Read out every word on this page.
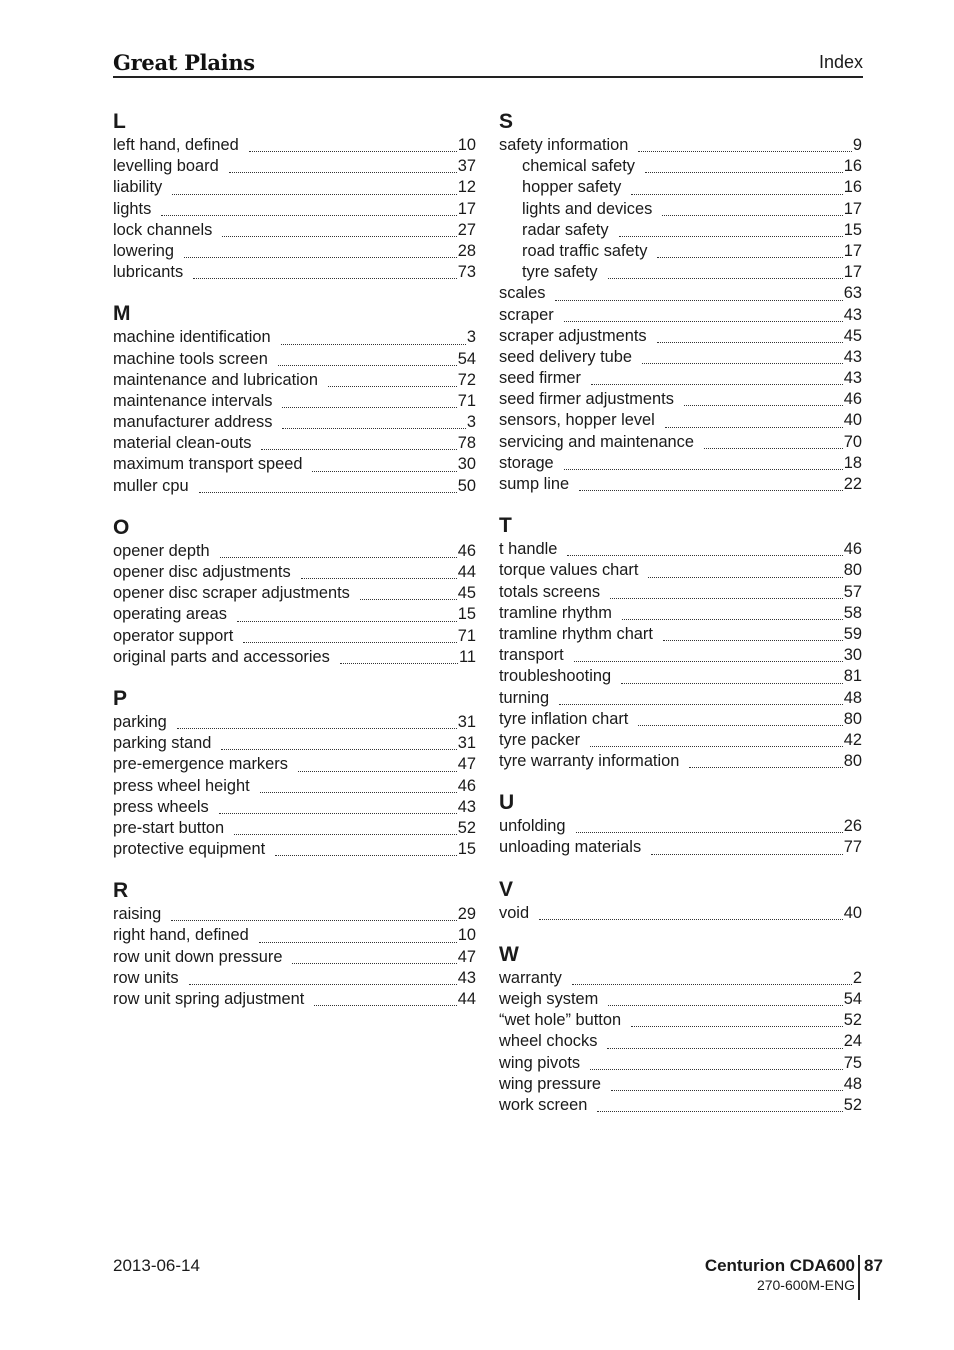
Great Plains	Index
L
left hand, defined	10
levelling board	37
liability	12
lights	17
lock channels	27
lowering	28
lubricants	73
M
machine identification	3
machine tools screen	54
maintenance and lubrication	72
maintenance intervals	71
manufacturer address	3
material clean-outs	78
maximum transport speed	30
muller cpu	50
O
opener depth	46
opener disc adjustments	44
opener disc scraper adjustments	45
operating areas	15
operator support	71
original parts and accessories	11
P
parking	31
parking stand	31
pre-emergence markers	47
press wheel height	46
press wheels	43
pre-start button	52
protective equipment	15
R
raising	29
right hand, defined	10
row unit down pressure	47
row units	43
row unit spring adjustment	44
S
safety information	9
chemical safety	16
hopper safety	16
lights and devices	17
radar safety	15
road traffic safety	17
tyre safety	17
scales	63
scraper	43
scraper adjustments	45
seed delivery tube	43
seed firmer	43
seed firmer adjustments	46
sensors, hopper level	40
servicing and maintenance	70
storage	18
sump line	22
T
t handle	46
torque values chart	80
totals screens	57
tramline rhythm	58
tramline rhythm chart	59
transport	30
troubleshooting	81
turning	48
tyre inflation chart	80
tyre packer	42
tyre warranty information	80
U
unfolding	26
unloading materials	77
V
void	40
W
warranty	2
weigh system	54
“wet hole” button	52
wheel chocks	24
wing pivots	75
wing pressure	48
work screen	52
2013-06-14	Centurion CDA600
270-600M-ENG
87
